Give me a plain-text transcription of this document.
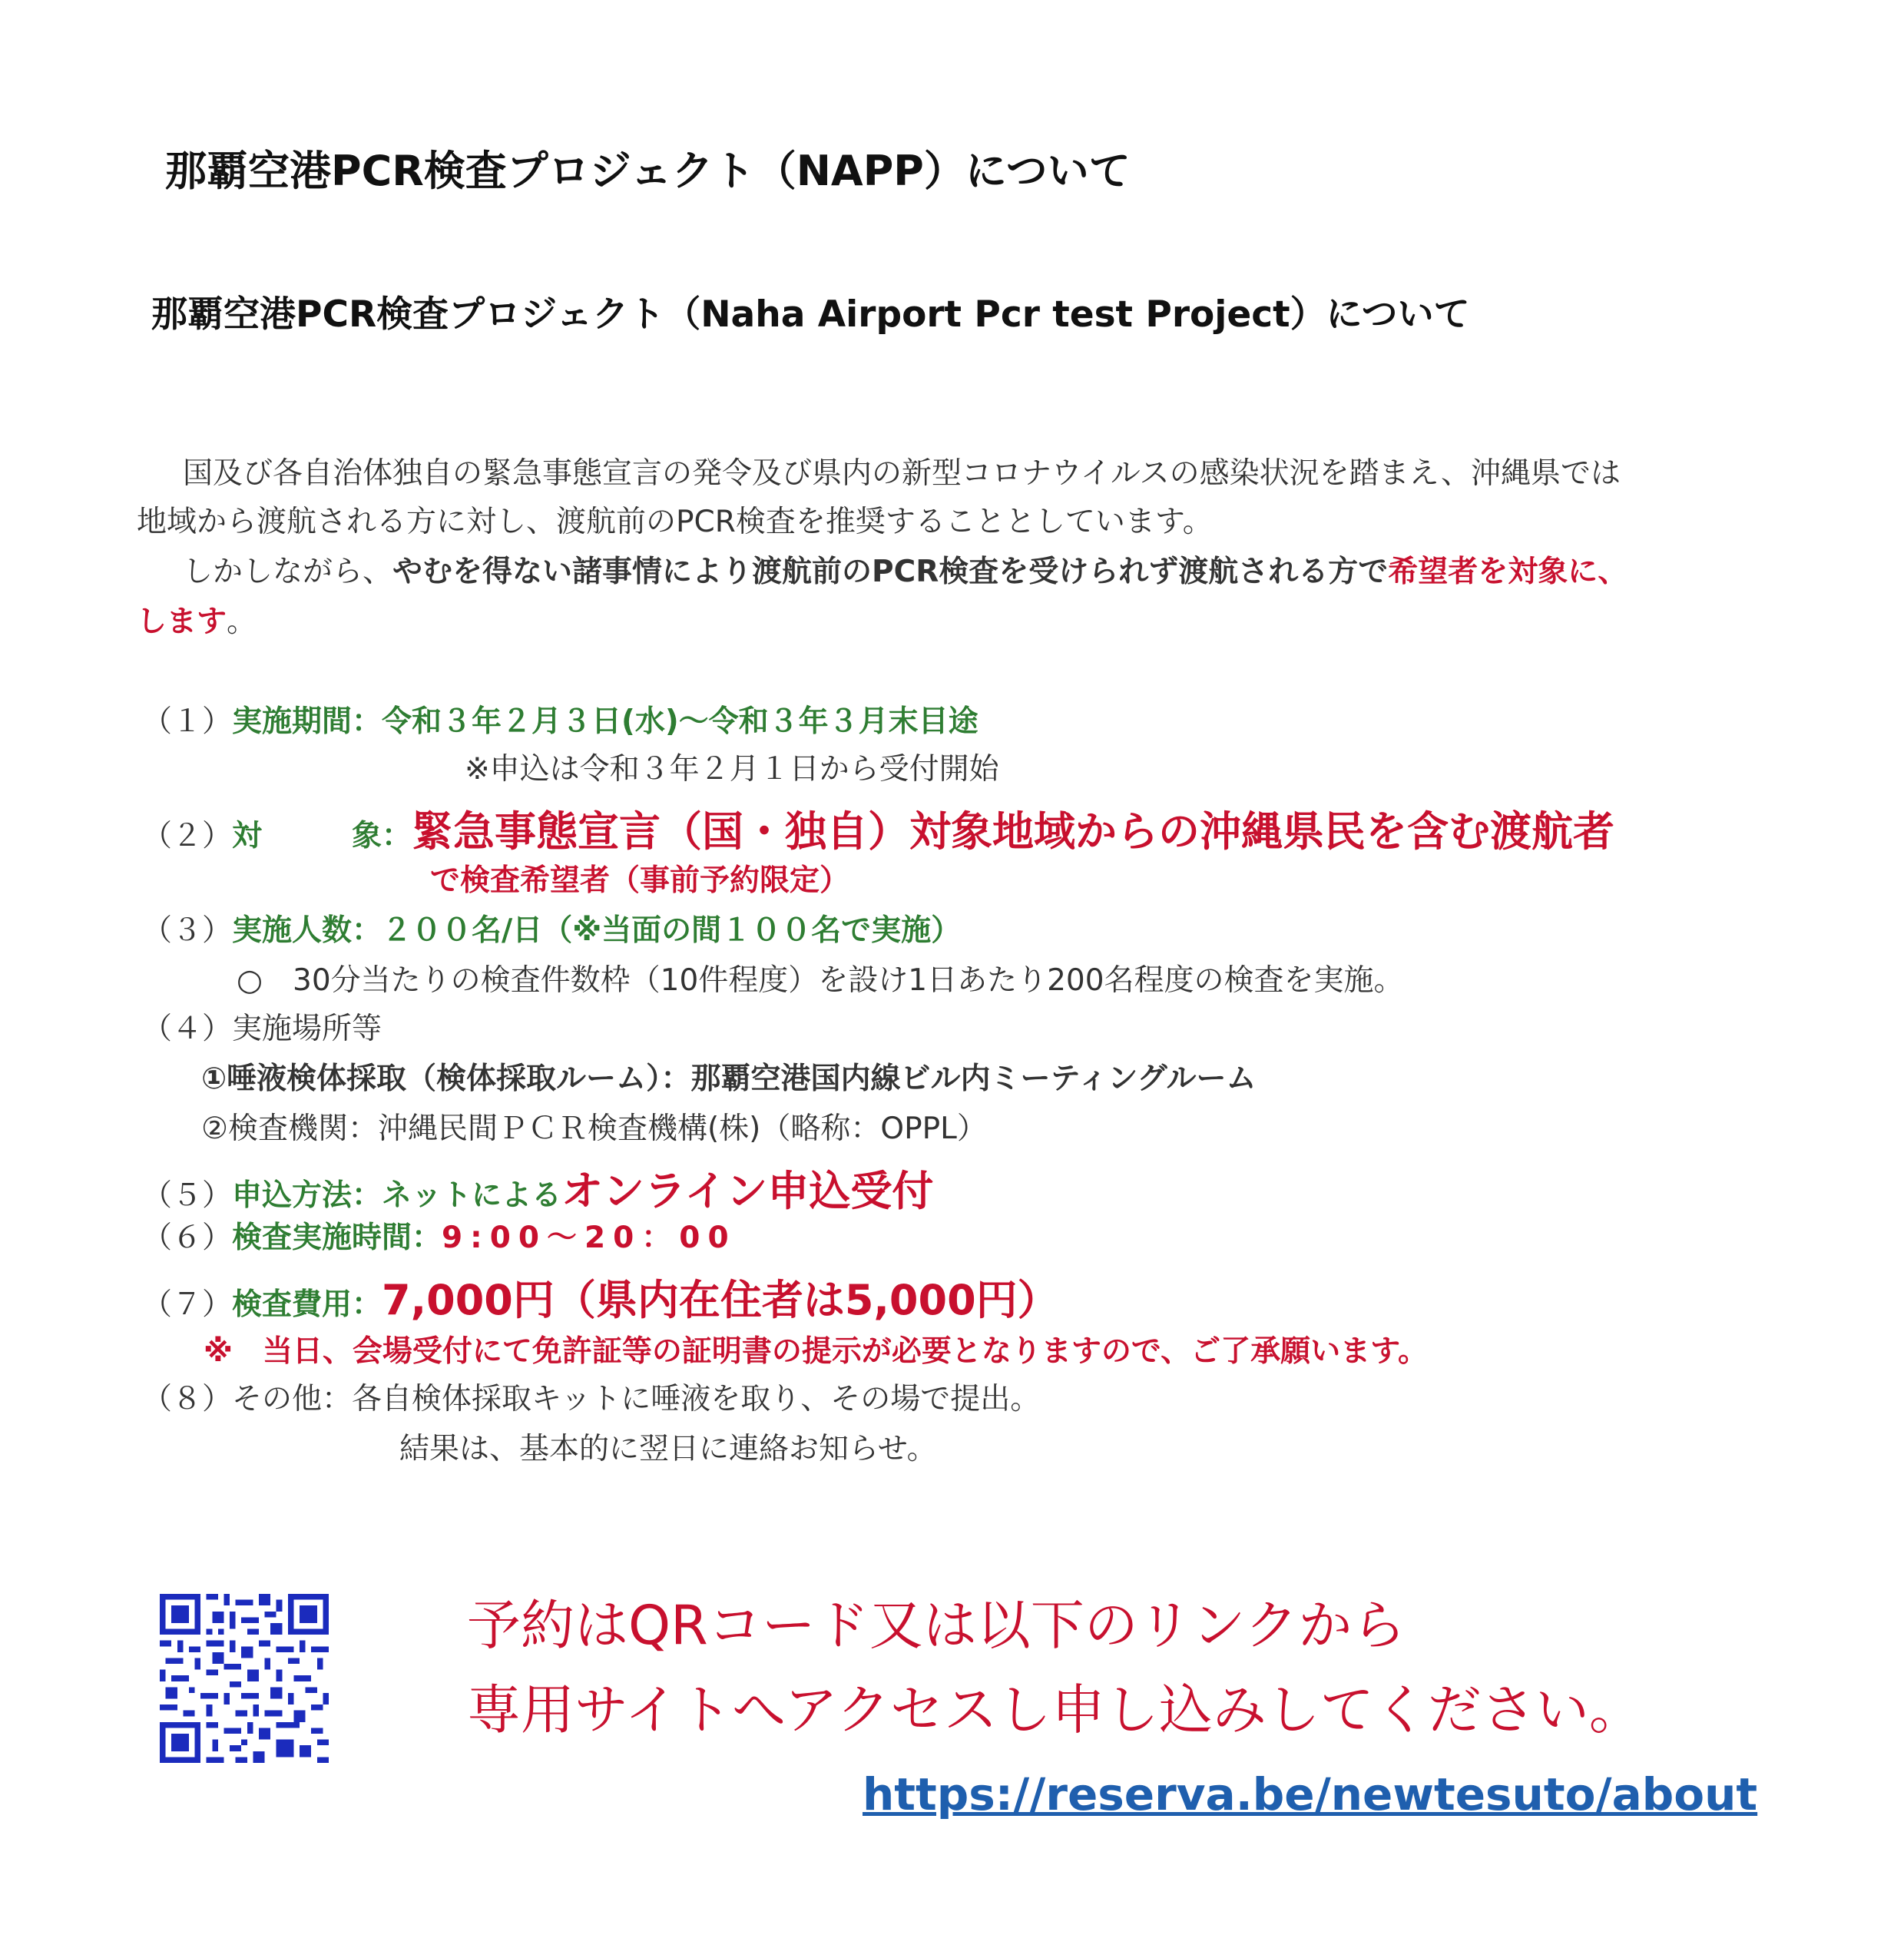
那覇空港PCR検査プロジェクト（NAPP）について
那覇空港PCR検査プロジェクト（Naha Airport Pcr test Project）について
国及び各自治体独自の緊急事態宣言の発令及び県内の新型コロナウイルスの感染状況を踏まえ、沖縄県では
地域から渡航される方に対し、渡航前のPCR検査を推奨することとしています。
しかしながら、やむを得ない諸事情により渡航前のPCR検査を受けられず渡航される方で希望者を対象に、
します。
（１）実施期間：令和３年２月３日(水)～令和３年３月末目途
※申込は令和３年２月１日から受付開始
（２）対　　　象：緊急事態宣言（国・独自）対象地域からの沖縄県民を含む渡航者
で検査希望者（事前予約限定）
（３）実施人数：２００名/日（※当面の間１００名で実施）
○　30分当たりの検査件数枠（10件程度）を設け1日あたり200名程度の検査を実施。
（４）実施場所等
①唾液検体採取（検体採取ルーム）：那覇空港国内線ビル内ミーティングルーム
②検査機関：沖縄民間ＰＣＲ検査機構(株)（略称：OPPL）
（５）申込方法：ネットによるオンライン申込受付
（６）検査実施時間：9:00～20：00
（７）検査費用：7,000円（県内在住者は5,000円）
※　当日、会場受付にて免許証等の証明書の提示が必要となりますので、ご了承願います。
（８）その他：各自検体採取キットに唾液を取り、その場で提出。
結果は、基本的に翌日に連絡お知らせ。
予約はQRコード又は以下のリンクから
専用サイトへアクセスし申し込みしてください。
https://reserva.be/newtesuto/about
